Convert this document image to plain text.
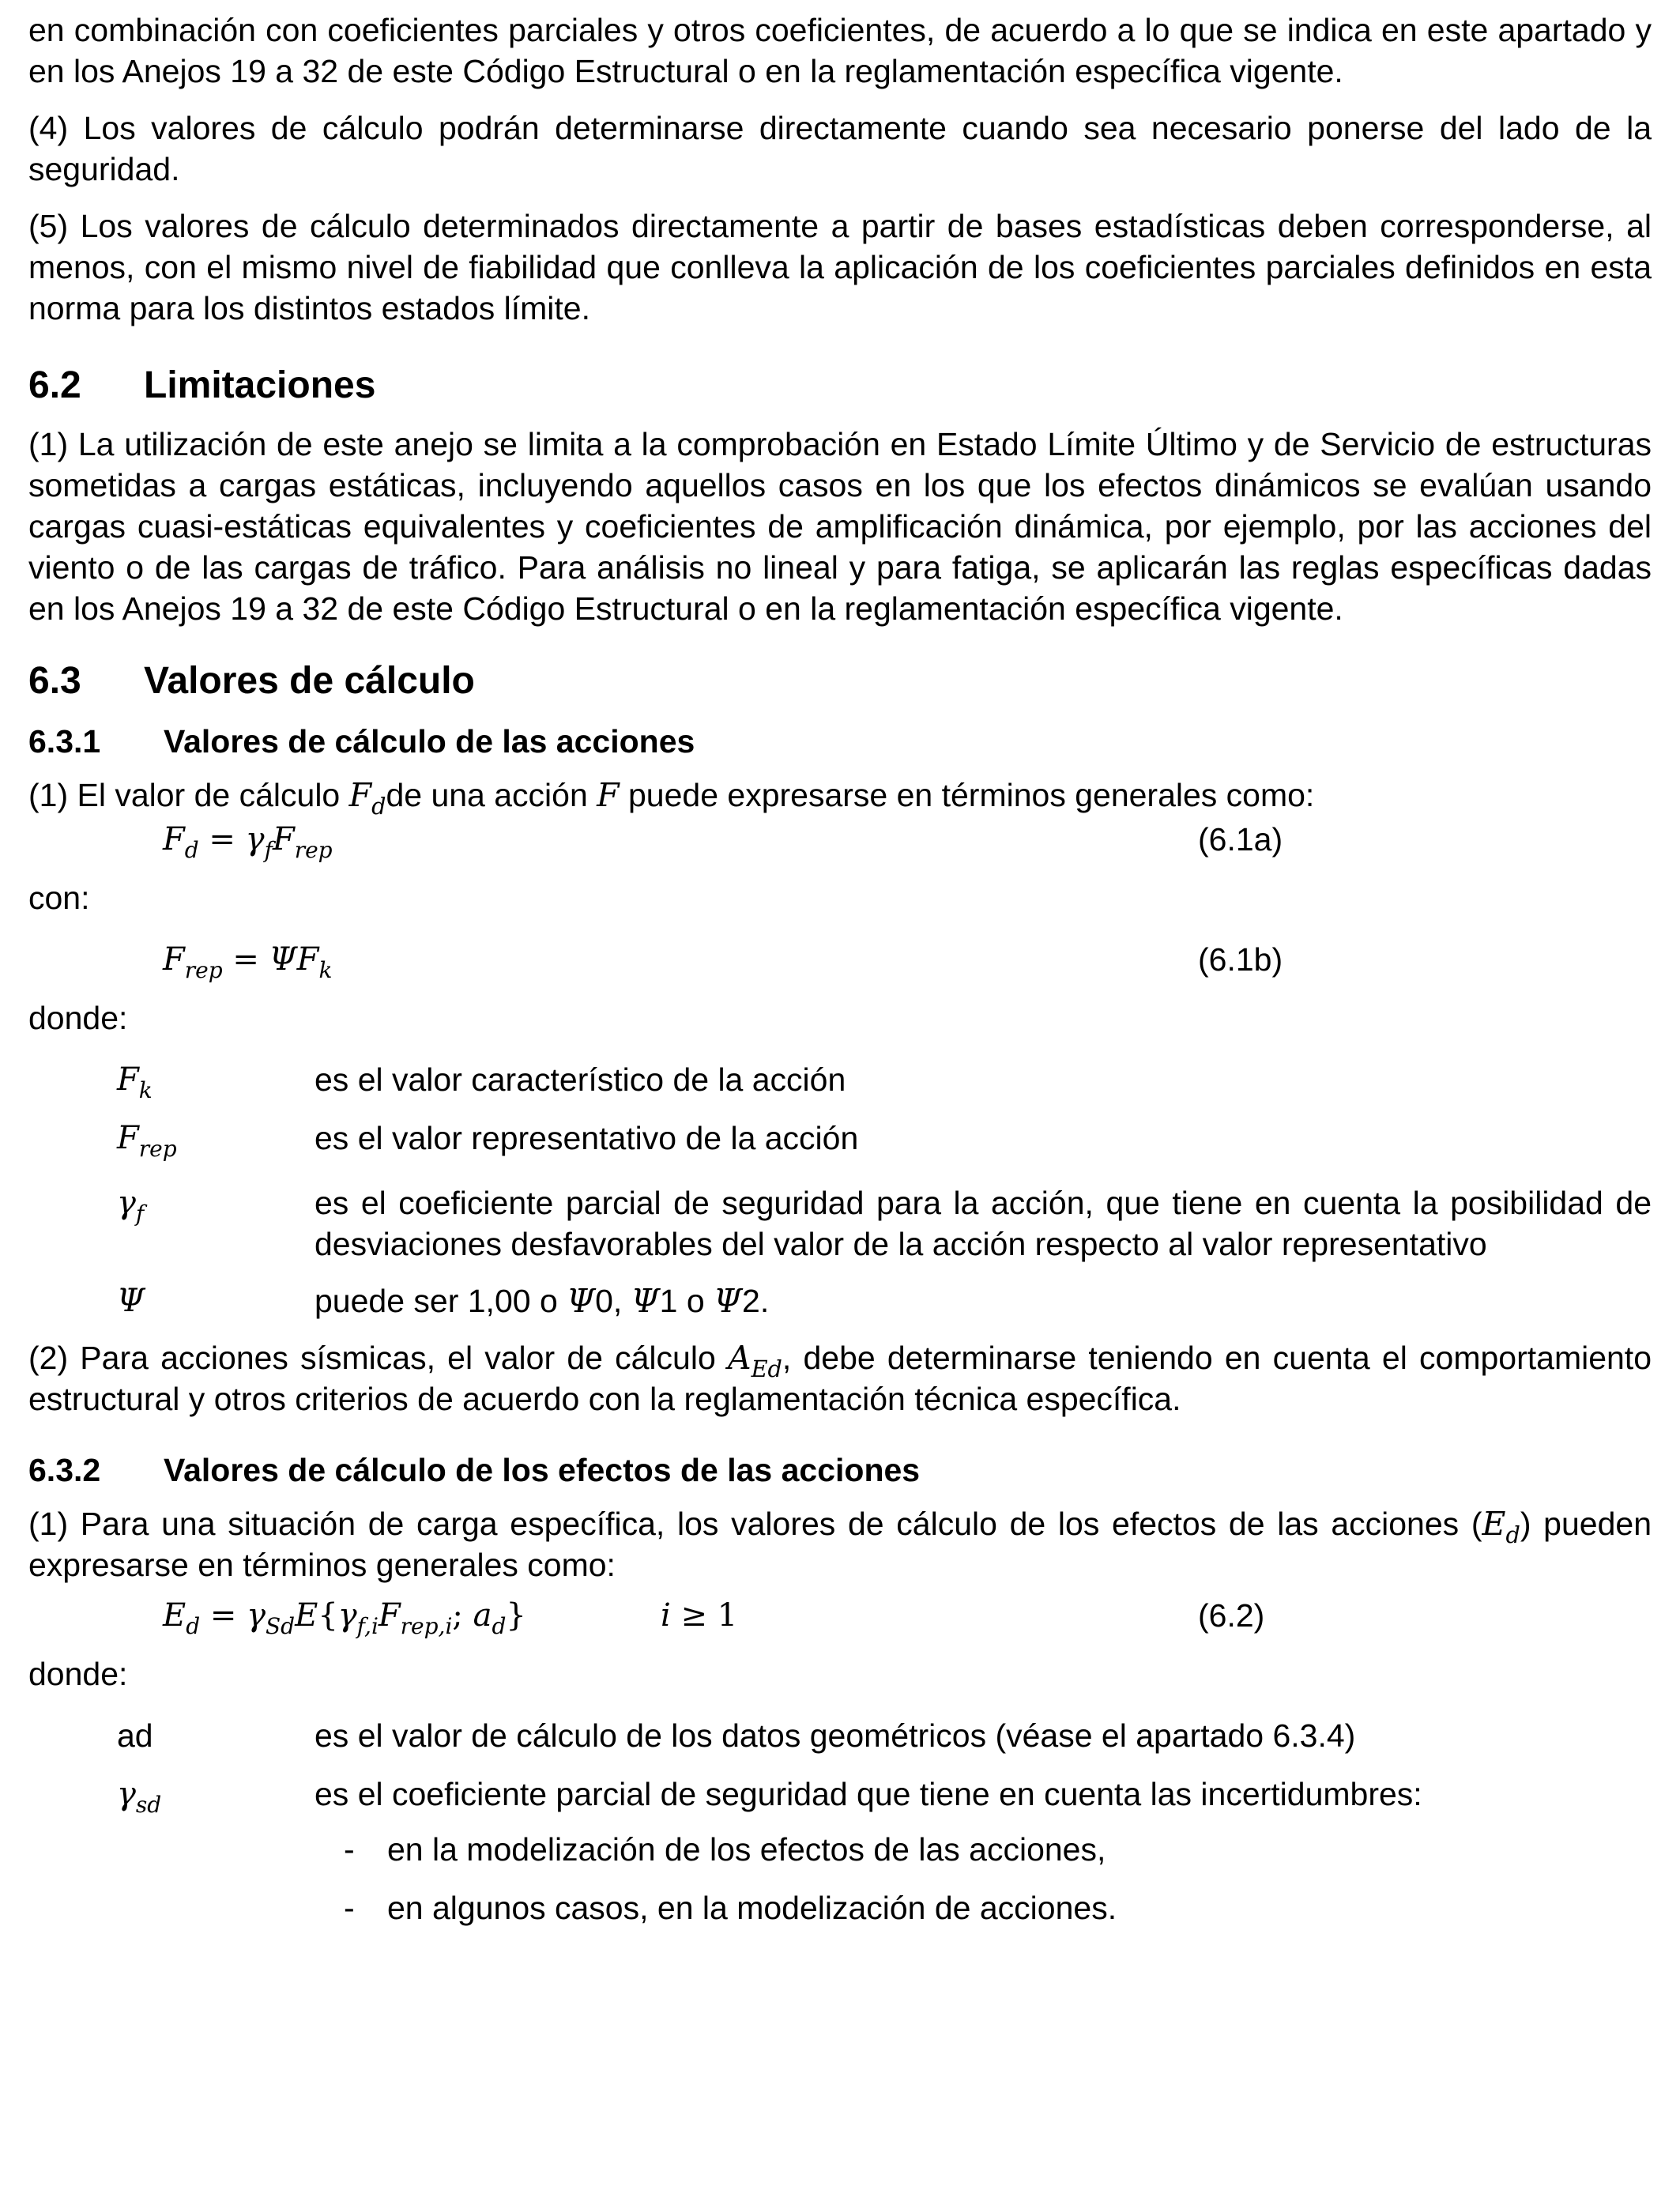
en combinación con coeficientes parciales y otros coeficientes, de acuerdo a lo que se indica en este apartado y en los Anejos 19 a 32 de este Código Estructural o en la reglamentación específica vigente.

(4) Los valores de cálculo podrán determinarse directamente cuando sea necesario ponerse del lado de la seguridad.

(5) Los valores de cálculo determinados directamente a partir de bases estadísticas deben corresponderse, al menos, con el mismo nivel de fiabilidad que conlleva la aplicación de los coeficientes parciales definidos en esta norma para los distintos estados límite.

6.2 Limitaciones

(1) La utilización de este anejo se limita a la comprobación en Estado Límite Último y de Servicio de estructuras sometidas a cargas estáticas, incluyendo aquellos casos en los que los efectos dinámicos se evalúan usando cargas cuasi-estáticas equivalentes y coeficientes de amplificación dinámica, por ejemplo, por las acciones del viento o de las cargas de tráfico. Para análisis no lineal y para fatiga, se aplicarán las reglas específicas dadas en los Anejos 19 a 32 de este Código Estructural o en la reglamentación específica vigente.

6.3 Valores de cálculo
6.3.1 Valores de cálculo de las acciones

(1) El valor de cálculo $F_dde$ una acción F puede expresarse en términos generales como:

$F_d = \gamma_fF_{rep}$	(6.1a)

con:

$F_{rep} = \Psi F_k$	(6.1b)

donde:

$F_k$	es el valor característico de la acción
$F_{rep}$	es el valor representativo de la acción
$\gamma_f$	es el coeficiente parcial de seguridad para la acción, que tiene en cuenta la posibilidad de desviaciones desfavorables del valor de la acción respecto al valor representativo
Ψ	puede ser 1,00 o Ψ0, Ψ1 o Ψ2.

(2) Para acciones sísmicas, el valor de cálculo $A_{Ed}$, debe determinarse teniendo en cuenta el comportamiento estructural y otros criterios de acuerdo con la reglamentación técnica específica.

6.3.2 Valores de cálculo de los efectos de las acciones

(1) Para una situación de carga específica, los valores de cálculo de los efectos de las acciones $(E_d)$ pueden expresarse en términos generales como:

$E_d = \gamma_{Sd}E\{\gamma_{f,i}F_{rep,i}$; $a_d$}	i ≥ 1	(6.2)

donde:

ad	es el valor de cálculo de los datos geométricos (véase el apartado 6.3.4)
$\gamma_{sd}$	es el coeficiente parcial de seguridad que tiene en cuenta las incertidumbres:
-	en la modelización de los efectos de las acciones,
-	en algunos casos, en la modelización de acciones.
